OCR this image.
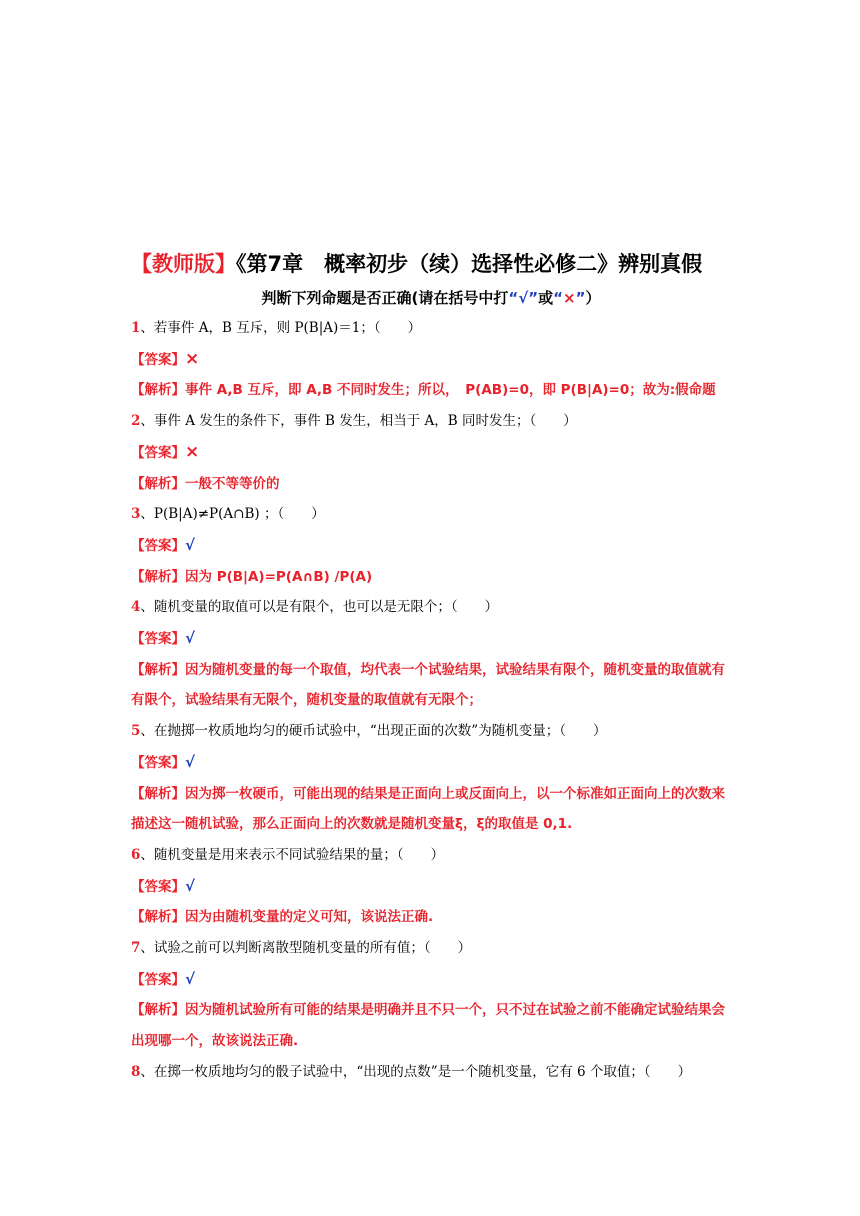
【教师版】《第7章　概率初步（续）选择性必修二》辨别真假
判断下列命题是否正确(请在括号中打“√”或“×”）
1、若事件 A，B 互斥，则 P(B|A)＝1；（　　）
【答案】×
【解析】事件 A,B 互斥，即 A,B 不同时发生；所以，　P(AB)=0，即 P(B|A)=0；故为:假命题
2、事件 A 发生的条件下，事件 B 发生，相当于 A，B 同时发生；（　　）
【答案】×
【解析】一般不等等价的
3、P(B|A)≠P(A∩B) ；（　　）
【答案】√
【解析】因为 P(B|A)=P(A∩B) /P(A)
4、随机变量的取值可以是有限个，也可以是无限个；（　　）
【答案】√
【解析】因为随机变量的每一个取值，均代表一个试验结果，试验结果有限个，随机变量的取值就有有限个，试验结果有无限个，随机变量的取值就有无限个；
5、在抛掷一枚质地均匀的硬币试验中，“出现正面的次数”为随机变量；（　　）
【答案】√
【解析】因为掷一枚硬币，可能出现的结果是正面向上或反面向上，以一个标准如正面向上的次数来描述这一随机试验，那么正面向上的次数就是随机变量ξ，ξ的取值是 0,1.
6、随机变量是用来表示不同试验结果的量；（　　）
【答案】√
【解析】因为由随机变量的定义可知，该说法正确.
7、试验之前可以判断离散型随机变量的所有值；（　　）
【答案】√
【解析】因为随机试验所有可能的结果是明确并且不只一个，只不过在试验之前不能确定试验结果会出现哪一个，故该说法正确.
8、在掷一枚质地均匀的骰子试验中，“出现的点数”是一个随机变量，它有 6 个取值；（　　）
